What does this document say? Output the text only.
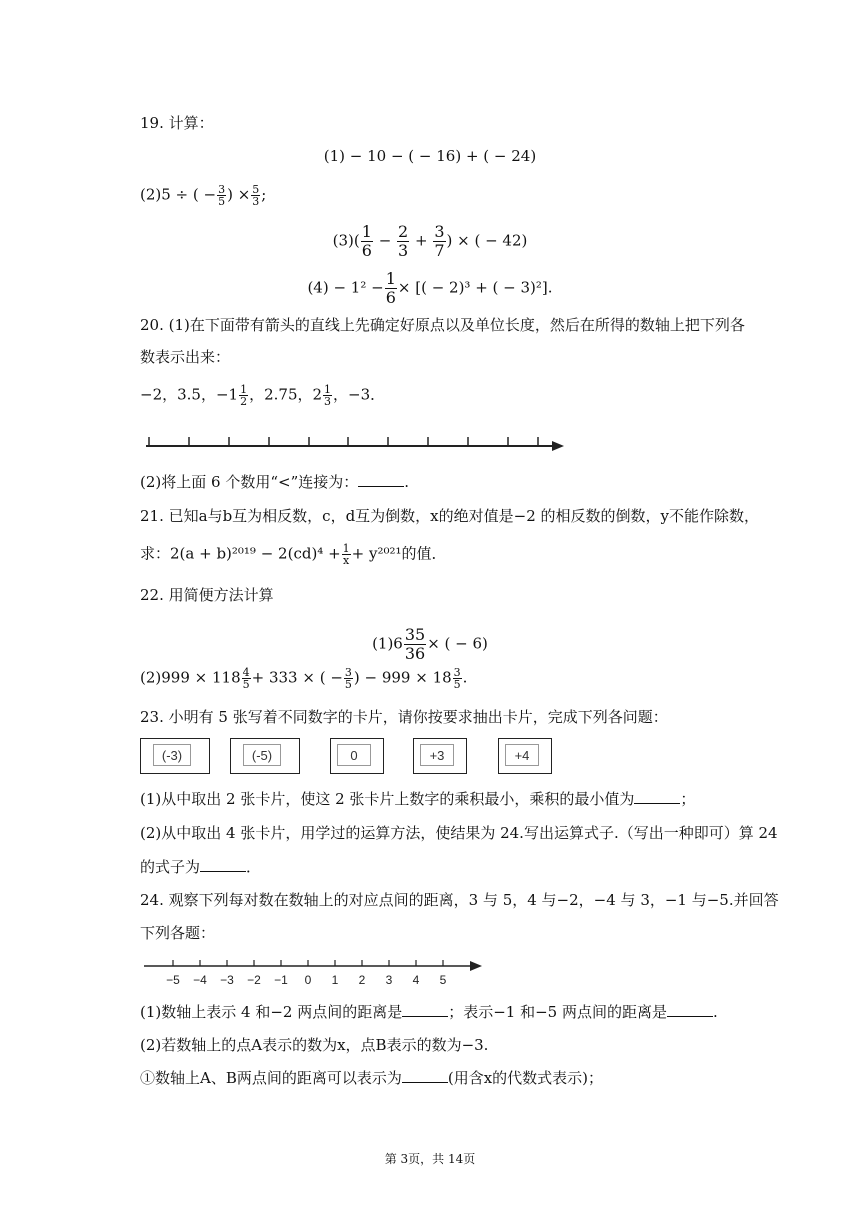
19. 计算：
(1) − 10 − ( − 16) + ( − 24)
(2)5 ÷ ( − $\frac{3}{5}$ ) × $\frac{5}{3}$ ;
$(3)( \frac{1}{6} - \frac{2}{3} + \frac{3}{7}$ ) × ( − 42)
$(4) - 1^2 - \frac{1}{6}$ × [( − 2)³ + ( − 3)²].
20. (1)在下面带有箭头的直线上先确定好原点以及单位长度，然后在所得的数轴上把下列各
数表示出来：
−2，3.5，$-1 \frac{1}{2}$ ，2.75，$2 \frac{1}{3}$ ，−3．
(2)将上面 6 个数用“<”连接为：	.
21. 已知a与b互为相反数，c，d互为倒数，x的绝对值是−2 的相反数的倒数，y不能作除数，
求：$2(a + b)^{2019} - 2(cd)^4 + \frac{1}{x} + y^{2021}$的值．
22. 用简便方法计算
$(1)6 \frac{35}{36}$ × ( − 6)
$(2)999 \times 118 \frac{4}{5} + 333$ × ( − $\frac{3}{5}$ ) − $999 \times 18 \frac{3}{5}$ .
23. 小明有 5 张写着不同数字的卡片，请你按要求抽出卡片，完成下列各问题：
(-3)	(-5)	0	+3	+4
(1)从中取出 2 张卡片，使这 2 张卡片上数字的乘积最小，乘积的最小值为	；
(2)从中取出 4 张卡片，用学过的运算方法，使结果为 24.写出运算式子.（写出一种即可）算 24
的式子为	．
24. 观察下列每对数在数轴上的对应点间的距离，3 与 5，4 与−2，−4 与 3，−1 与−5.并回答
下列各题：
−5 −4 −3 −2 −1 0 1 2 3 4 5
(1)数轴上表示 4 和−2 两点间的距离是	；表示−1 和−5 两点间的距离是	.
(2)若数轴上的点A表示的数为x，点B表示的数为−3.
①数轴上A、B两点间的距离可以表示为	(用含x的代数式表示)；
第 3页，共 14页
